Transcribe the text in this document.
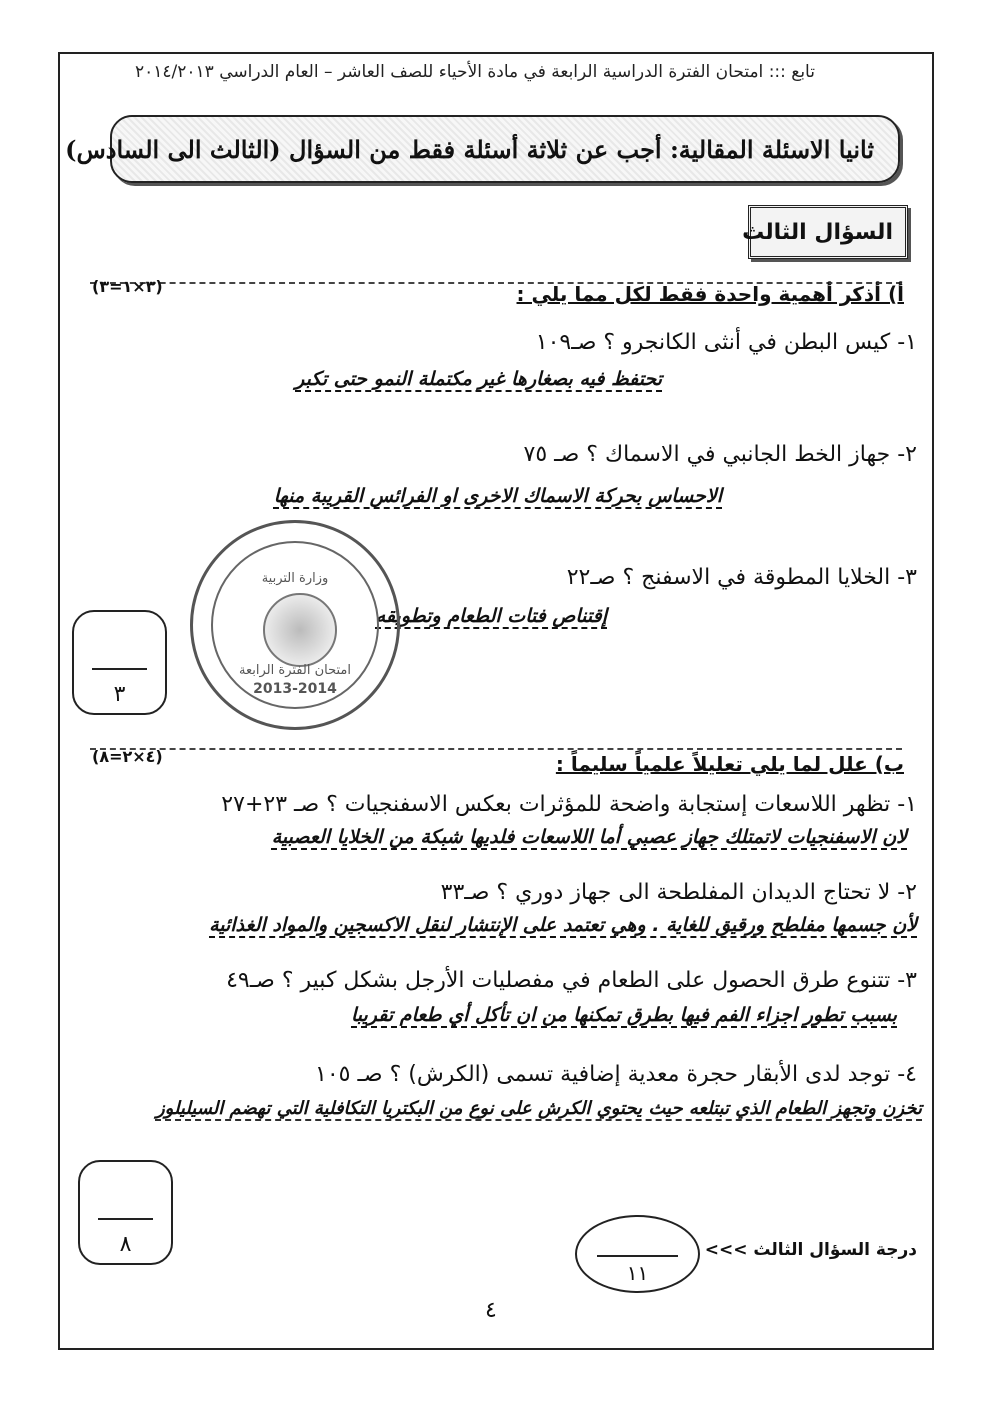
تابع ::: امتحان الفترة الدراسية الرابعة في مادة الأحياء للصف العاشر – العام الدراسي ٢٠١٤/٢٠١٣
ثانيا الاسئلة المقالية: أجب عن ثلاثة أسئلة فقط من السؤال (الثالث الى السادس)
السؤال الثالث
أ) أذكر أهمية واحدة فقط لكل مما يلي :
(٣×١=٣)
١- كيس البطن في أنثى الكانجرو ؟ صـ١٠٩
تحتفظ فيه بصغارها غير مكتملة النمو حتى تكبر
٢- جهاز الخط الجانبي في الاسماك ؟ صـ ٧٥
الاحساس بحركة الاسماك الاخرى او الفرائس القريبة منها
٣- الخلايا المطوقة في الاسفنج ؟ صـ٢٢
إقتناص فتات الطعام وتطويقه
وزارة التربية
امتحان الفترة الرابعة
2013-2014
٣
ب) علل لما يلي تعليلاً علمياً سليماً :
(٤×٢=٨)
١- تظهر اللاسعات إستجابة واضحة للمؤثرات بعكس الاسفنجيات ؟ صـ ٢٣+٢٧
لان الاسفنجيات لاتمتلك جهاز عصبي أما اللاسعات فلديها شبكة من الخلايا العصبية
٢- لا تحتاج الديدان المفلطحة الى جهاز دوري ؟ صـ٣٣
لأن جسمها مفلطح ورقيق للغاية . وهي تعتمد على الإنتشار لنقل الاكسجين والمواد الغذائية
٣- تتنوع طرق الحصول على الطعام في مفصليات الأرجل بشكل كبير ؟ صـ٤٩
بسبب تطور اجزاء الفم فيها بطرق تمكنها من ان تأكل أي طعام تقريبا
٤- توجد لدى الأبقار حجرة معدية إضافية تسمى (الكرش) ؟ صـ ١٠٥
تخزن وتجهز الطعام الذي تبتلعه حيث يحتوي الكرش على نوع من البكتريا التكافلية التي تهضم السيليلوز
٨	درجة السؤال الثالث >>>
١١
٤
